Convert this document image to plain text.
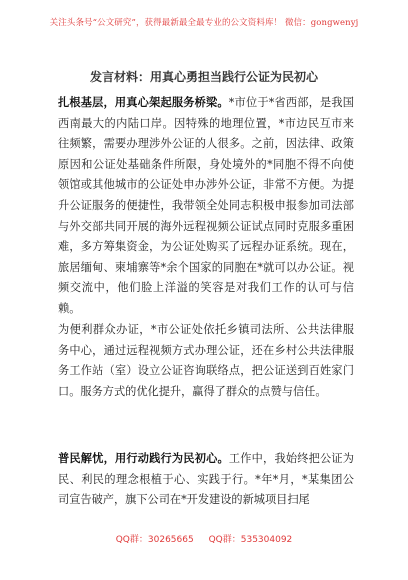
关注头条号“公文研究”，获得最新最全最专业的公文资料库！ 微信：gongwenyj
发言材料：用真心勇担当践行公证为民初心

扎根基层，用真心架起服务桥梁。*市位于*省西部，是我国西南最大的内陆口岸。因特殊的地理位置，*市边民互市来往频繁，需要办理涉外公证的人很多。之前，因法律、政策原因和公证处基础条件所限，身处境外的*同胞不得不向使领馆或其他城市的公证处申办涉外公证，非常不方便。为提升公证服务的便捷性，我带领全处同志积极申报参加司法部与外交部共同开展的海外远程视频公证试点同时克服多重困难，多方筹集资金，为公证处购买了远程办证系统。现在，旅居缅甸、柬埔寨等*余个国家的同胞在*就可以办公证。视频交流中，他们脸上洋溢的笑容是对我们工作的认可与信赖。

为便利群众办证，*市公证处依托乡镇司法所、公共法律服务中心，通过远程视频方式办理公证，还在乡村公共法律服务工作站（室）设立公证咨询联络点，把公证送到百姓家门口。服务方式的优化提升，赢得了群众的点赞与信任。

普民解忧，用行动践行为民初心。工作中，我始终把公证为民、利民的理念根植于心、实践于行。*年*月，*某集团公司宣告破产，旗下公司在*开发建设的新城项目扫尾

QQ群：30265665 QQ群：535304092
